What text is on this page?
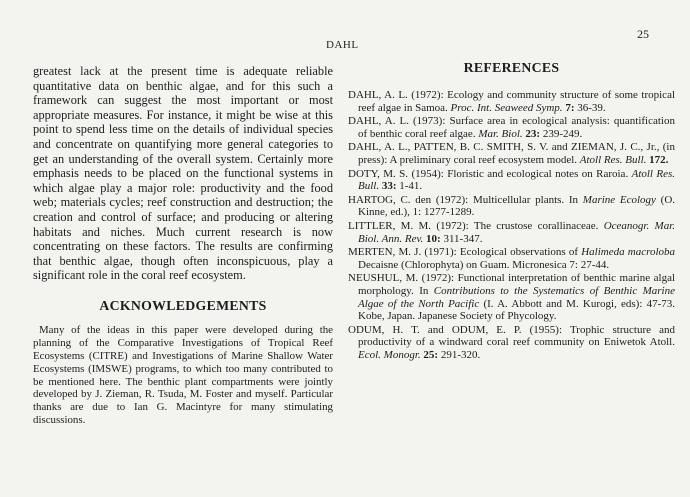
25
DAHL

greatest lack at the present time is adequate reliable quantitative data on benthic algae, and for this such a framework can suggest the most important or most appropriate measures. For instance, it might be wise at this point to spend less time on the details of individual species and concentrate on quantifying more general categories to get an understanding of the overall system. Certainly more emphasis needs to be placed on the functional systems in which algae play a major role: productivity and the food web; materials cycles; reef construction and destruction; the creation and control of surface; and producing or altering habitats and niches. Much current research is now concentrating on these factors. The results are confirming that benthic algae, though often inconspicuous, play a significant role in the coral reef ecosystem.

ACKNOWLEDGEMENTS

Many of the ideas in this paper were developed during the planning of the Comparative Investigations of Tropical Reef Ecosystems (CITRE) and Investigations of Marine Shallow Water Ecosystems (IMSWE) programs, to which too many contributed to be mentioned here. The benthic plant compartments were jointly developed by J. Zieman, R. Tsuda, M. Foster and myself. Particular thanks are due to Ian G. Macintyre for many stimulating discussions.

REFERENCES
DAHL, A. L. (1972): Ecology and community structure of some tropical reef algae in Samoa. Proc. Int. Seaweed Symp. 7: 36-39.
DAHL, A. L. (1973): Surface area in ecological analysis: quantification of benthic coral reef algae. Mar. Biol. 23: 239-249.
DAHL, A. L., PATTEN, B. C. SMITH, S. V. and ZIEMAN, J. C., Jr., (in press): A preliminary coral reef ecosystem model. Atoll Res. Bull. 172.
DOTY, M. S. (1954): Floristic and ecological notes on Raroia. Atoll Res. Bull. 33: 1-41.
HARTOG, C. den (1972): Multicellular plants. In Marine Ecology (O. Kinne, ed.), 1: 1277-1289.
LITTLER, M. M. (1972): The crustose corallinaceae. Oceanogr. Mar. Biol. Ann. Rev. 10: 311-347.
MERTEN, M. J. (1971): Ecological observations of Halimeda macroloba Decaisne (Chlorophyta) on Guam. Micronesica 7: 27-44.
NEUSHUL, M. (1972): Functional interpretation of benthic marine algal morphology. In Contributions to the Systematics of Benthic Marine Algae of the North Pacific (I. A. Abbott and M. Kurogi, eds): 47-73. Kobe, Japan. Japanese Society of Phycology.
ODUM, H. T. and ODUM, E. P. (1955): Trophic structure and productivity of a windward coral reef community on Eniwetok Atoll. Ecol. Monogr. 25: 291-320.
